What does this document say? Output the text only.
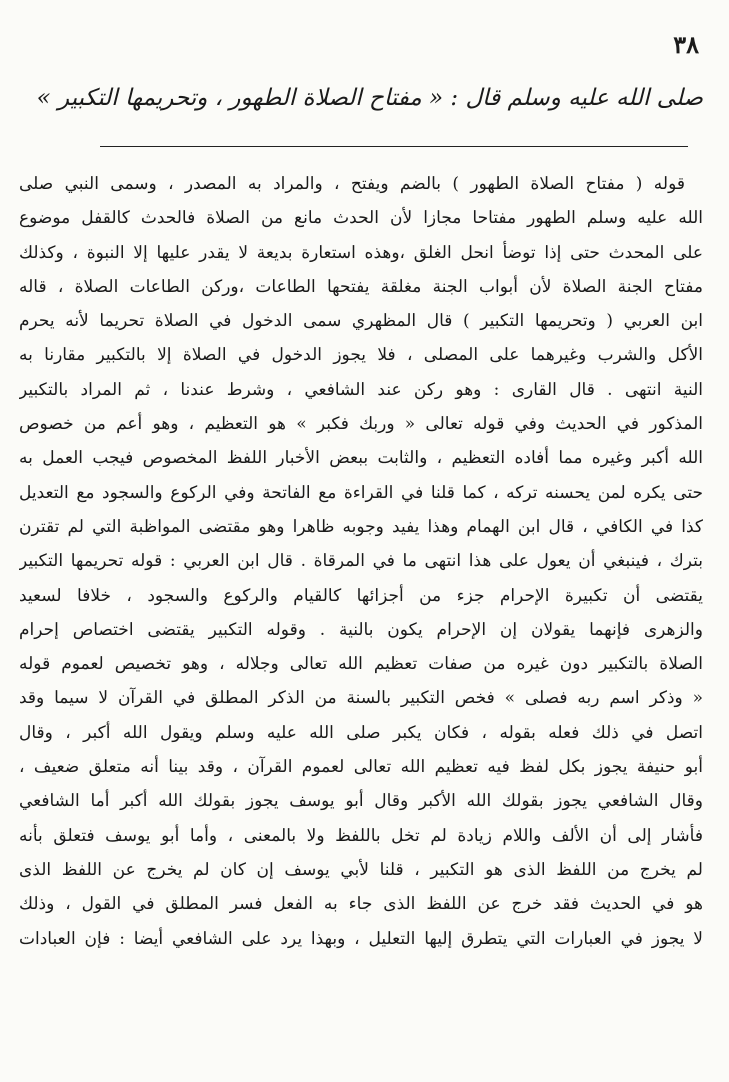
٣٨
صلى الله عليه وسلم قال : « مفتاح الصلاة الطهور ، وتحريمها التكبير »
قوله ( مفتاح الصلاة الطهور ) بالضم ويفتح ، والمراد به المصدر ، وسمى النبي صلى
الله عليه وسلم الطهور مفتاحا مجازا لأن الحدث مانع من الصلاة فالحدث كالقفل موضوع
على المحدث حتى إذا توضأ انحل الغلق ،وهذه استعارة بديعة لا يقدر عليها إلا النبوة ، وكذلك
مفتاح الجنة الصلاة لأن أبواب الجنة مغلقة يفتحها الطاعات ،وركن الطاعات الصلاة ، قاله
ابن العربي ( وتحريمها التكبير ) قال المظهري سمى الدخول في الصلاة تحريما لأنه يحرم
الأكل والشرب وغيرهما على المصلى ، فلا يجوز الدخول في الصلاة إلا بالتكبير مقارنا به
النية انتهى . قال القارى : وهو ركن عند الشافعي ، وشرط عندنا ، ثم المراد بالتكبير
المذكور في الحديث وفي قوله تعالى « وربك فكبر » هو التعظيم ، وهو أعم من خصوص
الله أكبر وغيره مما أفاده التعظيم ، والثابت ببعض الأخبار اللفظ المخصوص فيجب العمل به
حتى يكره لمن يحسنه تركه ، كما قلنا في القراءة مع الفاتحة وفي الركوع والسجود مع التعديل
كذا في الكافي ، قال ابن الهمام وهذا يفيد وجوبه ظاهرا وهو مقتضى المواظبة التي لم تقترن
بترك ، فينبغي أن يعول على هذا انتهى ما في المرقاة . قال ابن العربي : قوله تحريمها التكبير
يقتضى أن تكبيرة الإحرام جزء من أجزائها كالقيام والركوع والسجود ، خلافا لسعيد
والزهرى فإنهما يقولان إن الإحرام يكون بالنية . وقوله التكبير يقتضى اختصاص إحرام
الصلاة بالتكبير دون غيره من صفات تعظيم الله تعالى وجلاله ، وهو تخصيص لعموم قوله
« وذكر اسم ربه فصلى » فخص التكبير بالسنة من الذكر المطلق في القرآن لا سيما وقد
اتصل في ذلك فعله بقوله ، فكان يكبر صلى الله عليه وسلم ويقول الله أكبر ، وقال
أبو حنيفة يجوز بكل لفظ فيه تعظيم الله تعالى لعموم القرآن ، وقد بينا أنه متعلق ضعيف ،
وقال الشافعي يجوز بقولك الله الأكبر وقال أبو يوسف يجوز بقولك الله أكبر أما الشافعي
فأشار إلى أن الألف واللام زيادة لم تخل باللفظ ولا بالمعنى ، وأما أبو يوسف فتعلق بأنه
لم يخرج من اللفظ الذى هو التكبير ، قلنا لأبي يوسف إن كان لم يخرج عن اللفظ الذى
هو في الحديث فقد خرج عن اللفظ الذى جاء به الفعل فسر المطلق في القول ، وذلك
لا يجوز في العبارات التي يتطرق إليها التعليل ، وبهذا يرد على الشافعي أيضا : فإن العبادات
